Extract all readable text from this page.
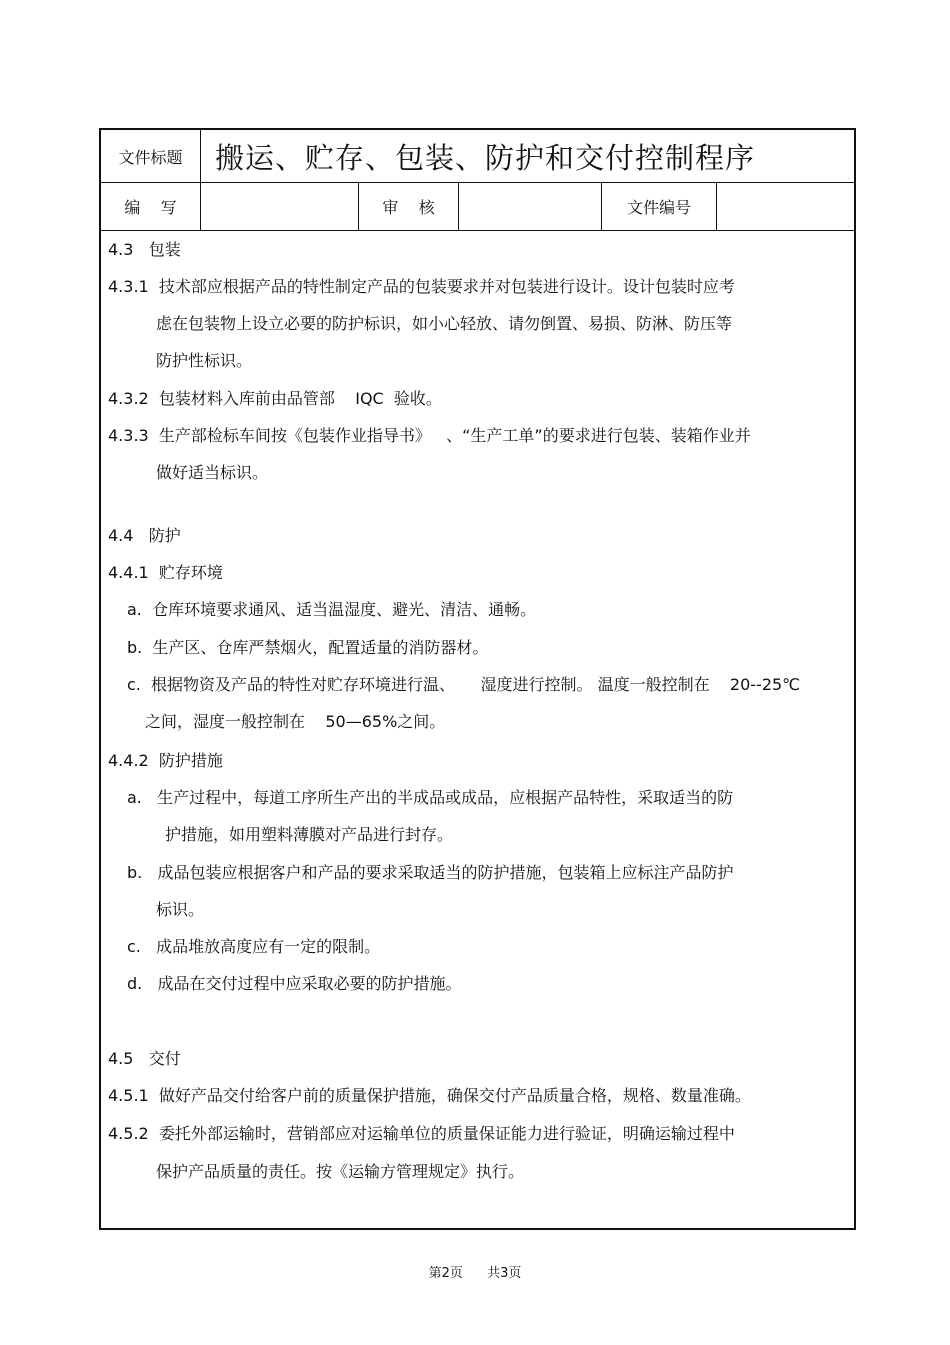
文件标题	搬运、贮存、包装、防护和交付控制程序
编    写	审    核	文件编号
4.3   包装
4.3.1  技术部应根据产品的特性制定产品的包装要求并对包装进行设计。设计包装时应考
虑在包装物上设立必要的防护标识，如小心轻放、请勿倒置、易损、防淋、防压等
防护性标识。
4.3.2  包装材料入库前由品管部    IQC  验收。
4.3.3  生产部检标车间按《包装作业指导书》   、“生产工单”的要求进行包装、装箱作业并
做好适当标识。
4.4   防护
4.4.1  贮存环境
a.  仓库环境要求通风、适当温湿度、避光、清洁、通畅。
b.  生产区、仓库严禁烟火，配置适量的消防器材。
c.  根据物资及产品的特性对贮存环境进行温、     湿度进行控制。 温度一般控制在    20--25℃
之间，湿度一般控制在    50—65%之间。
4.4.2  防护措施
a.   生产过程中，每道工序所生产出的半成品或成品，应根据产品特性，采取适当的防
护措施，如用塑料薄膜对产品进行封存。
b.   成品包装应根据客户和产品的要求采取适当的防护措施，包装箱上应标注产品防护
标识。
c.   成品堆放高度应有一定的限制。
d.   成品在交付过程中应采取必要的防护措施。
4.5   交付
4.5.1  做好产品交付给客户前的质量保护措施，确保交付产品质量合格，规格、数量准确。
4.5.2  委托外部运输时，营销部应对运输单位的质量保证能力进行验证，明确运输过程中
保护产品质量的责任。按《运输方管理规定》执行。
第2页 共3页
